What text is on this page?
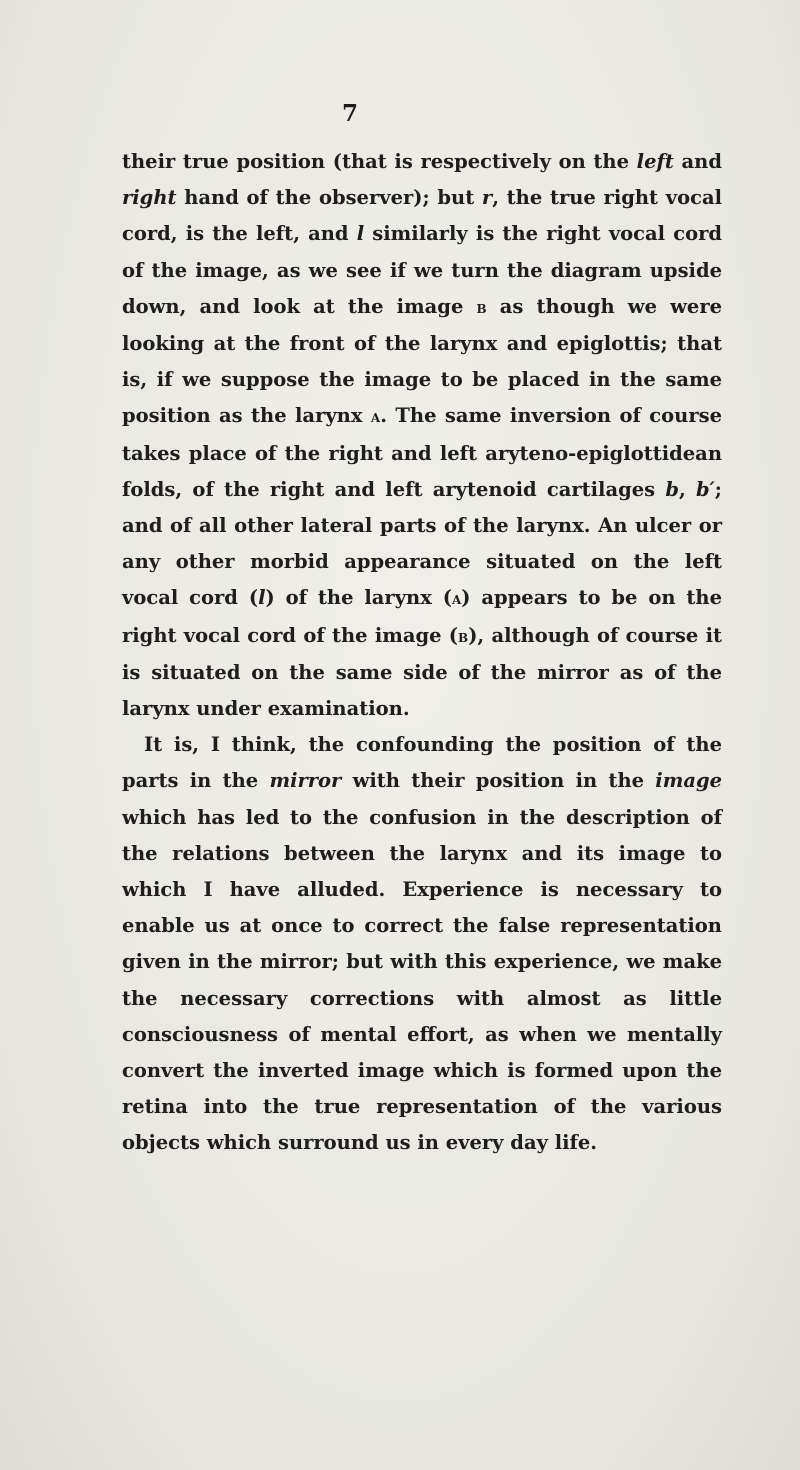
7

their true position (that is respectively on the left and right hand of the observer); but r, the true right vocal cord, is the left, and l similarly is the right vocal cord of the image, as we see if we turn the diagram upside down, and look at the image b as though we were looking at the front of the larynx and epiglottis; that is, if we suppose the image to be placed in the same position as the larynx a. The same inversion of course takes place of the right and left aryteno-epiglottidean folds, of the right and left arytenoid cartilages b, b′; and of all other lateral parts of the larynx. An ulcer or any other morbid appearance situated on the left vocal cord (l) of the larynx (a) appears to be on the right vocal cord of the image (b), although of course it is situated on the same side of the mirror as of the larynx under examination.

It is, I think, the confounding the position of the parts in the mirror with their position in the image which has led to the confusion in the description of the relations between the larynx and its image to which I have alluded. Experience is necessary to enable us at once to correct the false representation given in the mirror; but with this experience, we make the necessary corrections with almost as little consciousness of mental effort, as when we mentally convert the inverted image which is formed upon the retina into the true representation of the various objects which surround us in every day life.
